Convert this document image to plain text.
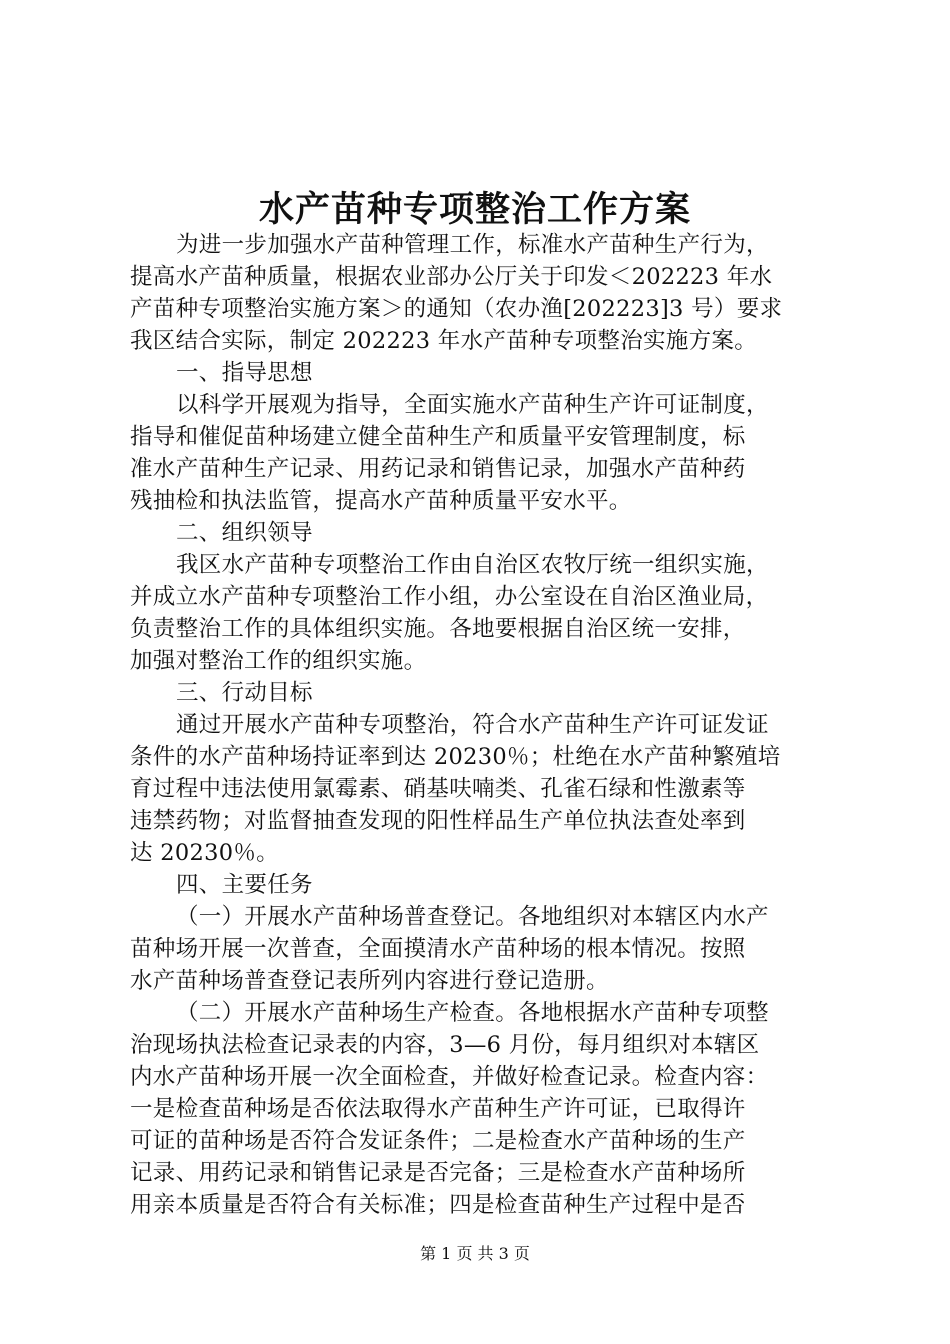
水产苗种专项整治工作方案
为进一步加强水产苗种管理工作，标准水产苗种生产行为，
提高水产苗种质量，根据农业部办公厅关于印发＜202223 年水
产苗种专项整治实施方案＞的通知（农办渔[202223]3 号）要求
我区结合实际，制定 202223 年水产苗种专项整治实施方案。
一、指导思想
以科学开展观为指导，全面实施水产苗种生产许可证制度，
指导和催促苗种场建立健全苗种生产和质量平安管理制度，标
准水产苗种生产记录、用药记录和销售记录，加强水产苗种药
残抽检和执法监管，提高水产苗种质量平安水平。
二、组织领导
我区水产苗种专项整治工作由自治区农牧厅统一组织实施，
并成立水产苗种专项整治工作小组，办公室设在自治区渔业局，
负责整治工作的具体组织实施。各地要根据自治区统一安排，
加强对整治工作的组织实施。
三、行动目标
通过开展水产苗种专项整治，符合水产苗种生产许可证发证
条件的水产苗种场持证率到达 20230％；杜绝在水产苗种繁殖培
育过程中违法使用氯霉素、硝基呋喃类、孔雀石绿和性激素等
违禁药物；对监督抽查发现的阳性样品生产单位执法查处率到
达 20230％。
四、主要任务
（一）开展水产苗种场普查登记。各地组织对本辖区内水产
苗种场开展一次普查，全面摸清水产苗种场的根本情况。按照
水产苗种场普查登记表所列内容进行登记造册。
（二）开展水产苗种场生产检查。各地根据水产苗种专项整
治现场执法检查记录表的内容，3—6 月份，每月组织对本辖区
内水产苗种场开展一次全面检查，并做好检查记录。检查内容：
一是检查苗种场是否依法取得水产苗种生产许可证，已取得许
可证的苗种场是否符合发证条件；二是检查水产苗种场的生产
记录、用药记录和销售记录是否完备；三是检查水产苗种场所
用亲本质量是否符合有关标准；四是检查苗种生产过程中是否
第 1 页 共 3 页
